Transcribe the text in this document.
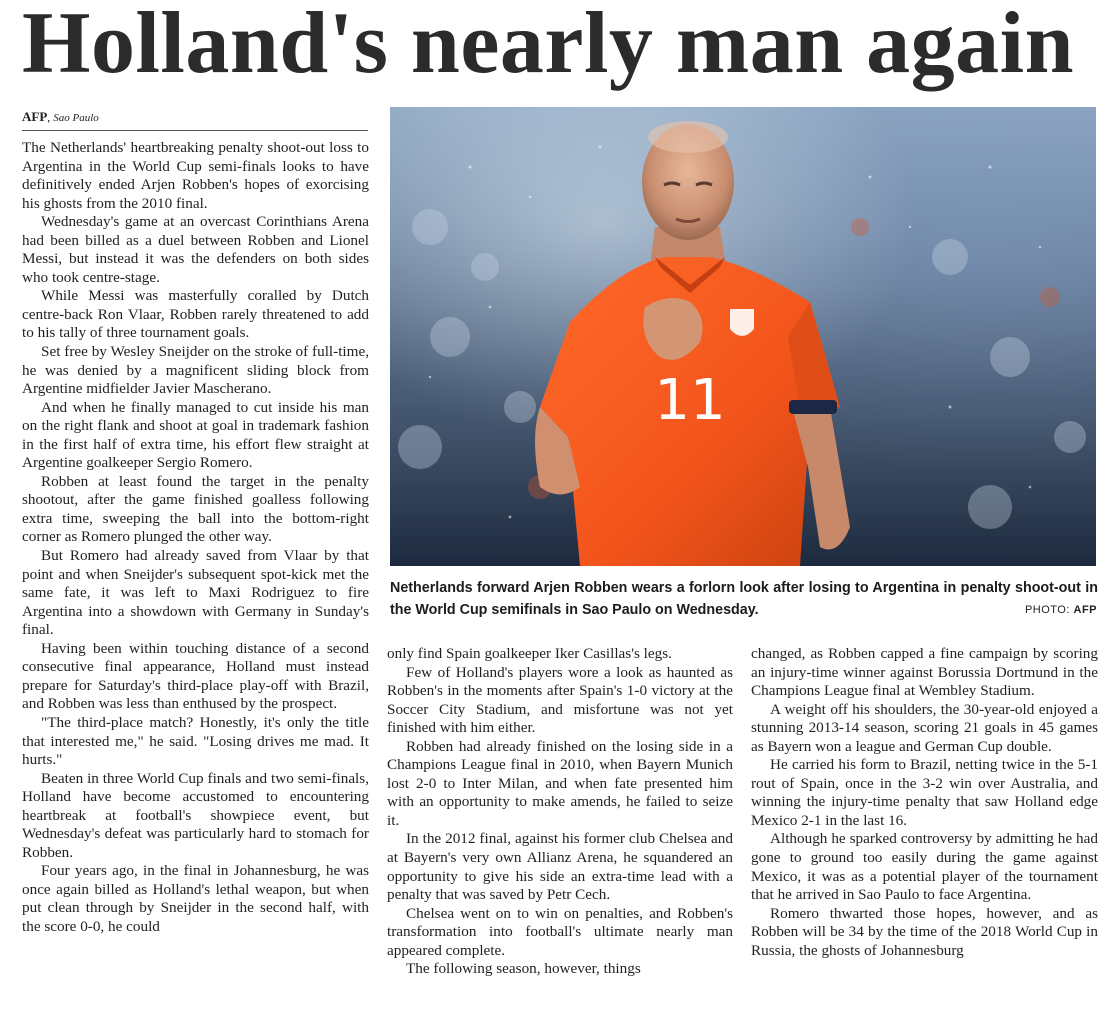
Holland's nearly man again
AFP, Sao Paulo

The Netherlands' heartbreaking penalty shoot-out loss to Argentina in the World Cup semi-finals looks to have definitively ended Arjen Robben's hopes of exorcising his ghosts from the 2010 final.

Wednesday's game at an overcast Corinthians Arena had been billed as a duel between Robben and Lionel Messi, but instead it was the defenders on both sides who took centre-stage.

While Messi was masterfully coralled by Dutch centre-back Ron Vlaar, Robben rarely threatened to add to his tally of three tournament goals.

Set free by Wesley Sneijder on the stroke of full-time, he was denied by a magnificent sliding block from Argentine midfielder Javier Mascherano.

And when he finally managed to cut inside his man on the right flank and shoot at goal in trademark fashion in the first half of extra time, his effort flew straight at Argentine goalkeeper Sergio Romero.

Robben at least found the target in the penalty shootout, after the game finished goalless following extra time, sweeping the ball into the bottom-right corner as Romero plunged the other way.

But Romero had already saved from Vlaar by that point and when Sneijder's subsequent spot-kick met the same fate, it was left to Maxi Rodriguez to fire Argentina into a showdown with Germany in Sunday's final.

Having been within touching distance of a second consecutive final appearance, Holland must instead prepare for Saturday's third-place play-off with Brazil, and Robben was less than enthused by the prospect.

"The third-place match? Honestly, it's only the title that interested me," he said. "Losing drives me mad. It hurts."

Beaten in three World Cup finals and two semi-finals, Holland have become accustomed to encountering heartbreak at football's showpiece event, but Wednesday's defeat was particularly hard to stomach for Robben.

Four years ago, in the final in Johannesburg, he was once again billed as Holland's lethal weapon, but when put clean through by Sneijder in the second half, with the score 0-0, he could

11
Netherlands forward Arjen Robben wears a forlorn look after losing to Argentina in penalty shoot-out in the World Cup semifinals in Sao Paulo on Wednesday.	PHOTO: AFP

only find Spain goalkeeper Iker Casillas's legs.

Few of Holland's players wore a look as haunted as Robben's in the moments after Spain's 1-0 victory at the Soccer City Stadium, and misfortune was not yet finished with him either.

Robben had already finished on the losing side in a Champions League final in 2010, when Bayern Munich lost 2-0 to Inter Milan, and when fate presented him with an opportunity to make amends, he failed to seize it.

In the 2012 final, against his former club Chelsea and at Bayern's very own Allianz Arena, he squandered an opportunity to give his side an extra-time lead with a penalty that was saved by Petr Cech.

Chelsea went on to win on penalties, and Robben's transformation into football's ultimate nearly man appeared complete.

The following season, however, things

changed, as Robben capped a fine campaign by scoring an injury-time winner against Borussia Dortmund in the Champions League final at Wembley Stadium.

A weight off his shoulders, the 30-year-old enjoyed a stunning 2013-14 season, scoring 21 goals in 45 games as Bayern won a league and German Cup double.

He carried his form to Brazil, netting twice in the 5-1 rout of Spain, once in the 3-2 win over Australia, and winning the injury-time penalty that saw Holland edge Mexico 2-1 in the last 16.

Although he sparked controversy by admitting he had gone to ground too easily during the game against Mexico, it was as a potential player of the tournament that he arrived in Sao Paulo to face Argentina.

Romero thwarted those hopes, however, and as Robben will be 34 by the time of the 2018 World Cup in Russia, the ghosts of Johannesburg
